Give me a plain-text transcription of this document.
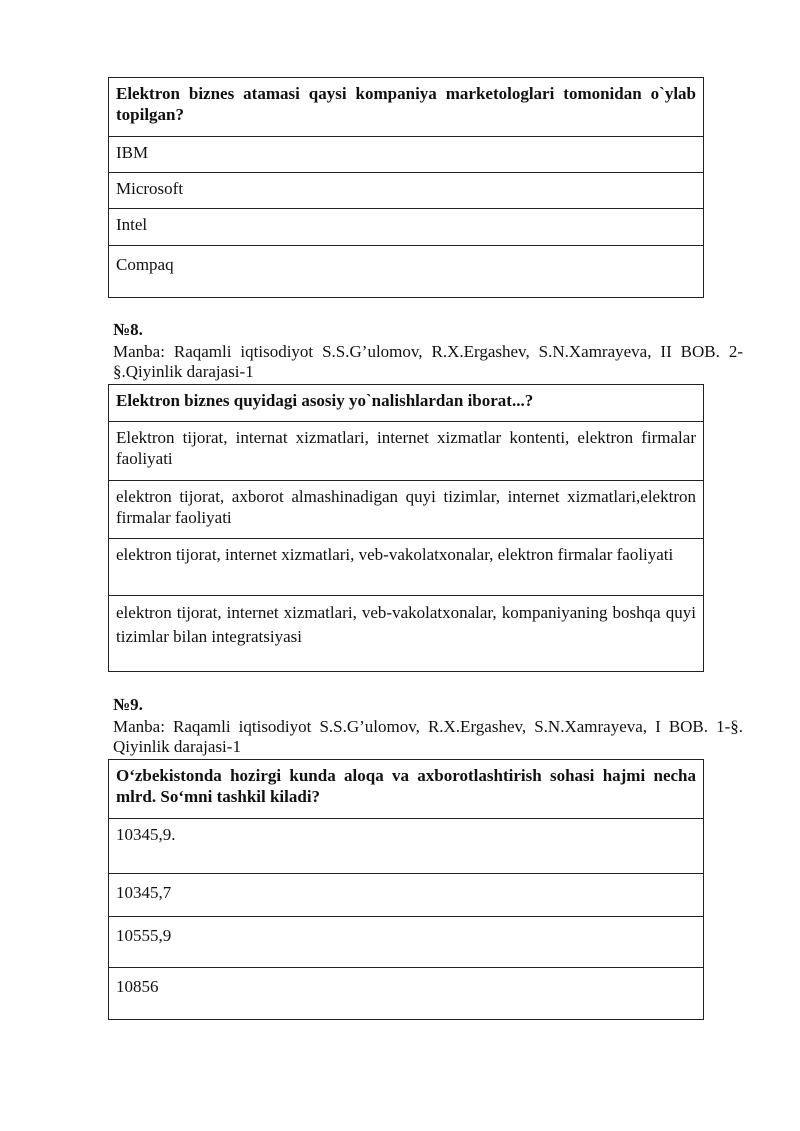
Elektron biznes atamasi qaysi kompaniya marketologlari tomonidan o`ylab topilgan?
IBM
Microsoft
Intel
Compaq
№8.
Manba: Raqamli iqtisodiyot S.S.G’ulomov, R.X.Ergashev, S.N.Xamrayeva, II BOB. 2-§.Qiyinlik darajasi-1
Elektron biznes quyidagi asosiy yo`nalishlardan iborat...?
Elektron tijorat, internat xizmatlari, internet xizmatlar kontenti, elektron firmalar faoliyati
elektron tijorat, axborot almashinadigan quyi tizimlar, internet xizmatlari,elektron firmalar faoliyati
elektron tijorat, internet xizmatlari, veb-vakolatxonalar, elektron firmalar faoliyati
elektron tijorat, internet xizmatlari, veb-vakolatxonalar, kompaniyaning boshqa quyi tizimlar bilan integratsiyasi
№9.
Manba: Raqamli iqtisodiyot S.S.G’ulomov, R.X.Ergashev, S.N.Xamrayeva, I BOB. 1-§.   Qiyinlik darajasi-1
O‘zbekistonda hozirgi kunda aloqa va axborotlashtirish sohasi hajmi necha mlrd. So‘mni tashkil kiladi?
10345,9.
10345,7
10555,9
10856
